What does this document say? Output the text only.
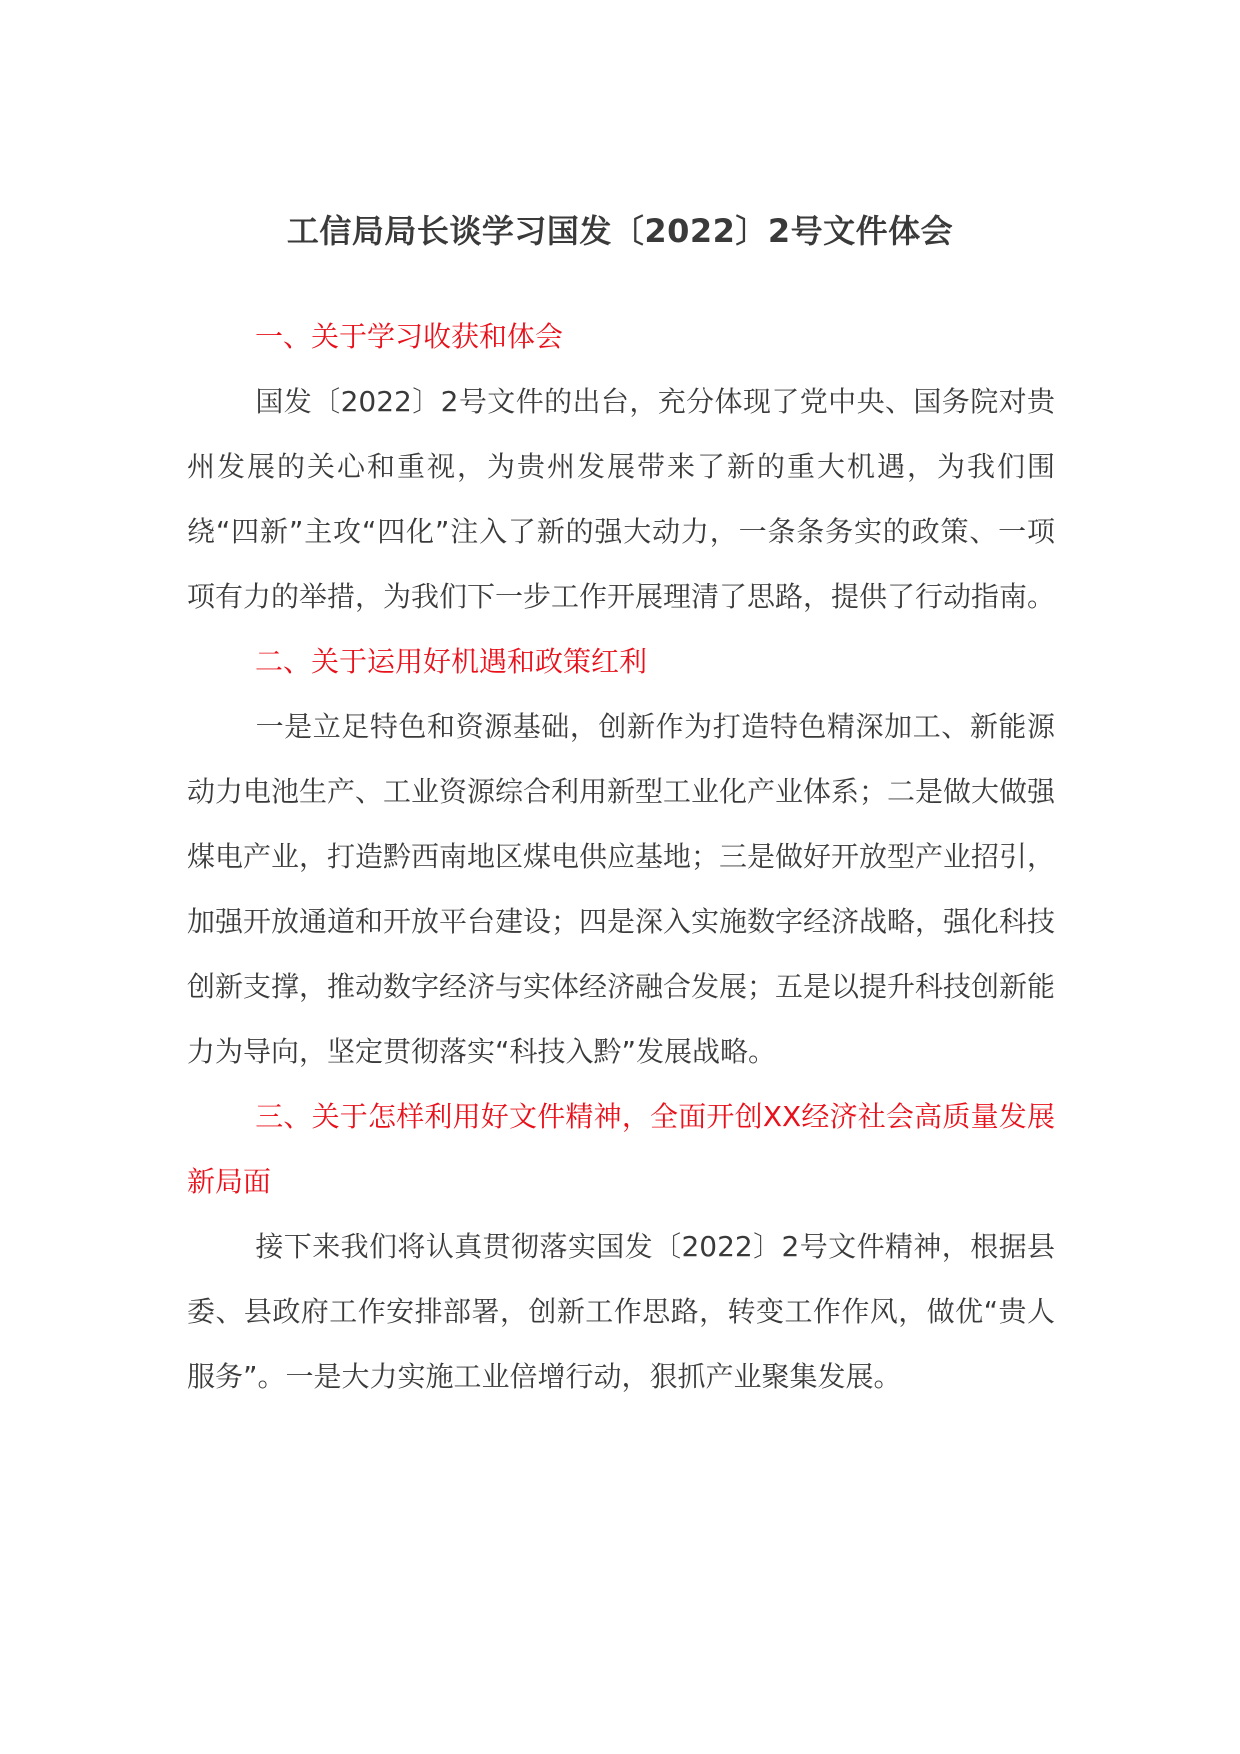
工信局局长谈学习国发〔2022〕2号文件体会

一、关于学习收获和体会

国发〔2022〕2号文件的出台，充分体现了党中央、国务院对贵州发展的关心和重视，为贵州发展带来了新的重大机遇，为我们围绕“四新”主攻“四化”注入了新的强大动力，一条条务实的政策、一项项有力的举措，为我们下一步工作开展理清了思路，提供了行动指南。

二、关于运用好机遇和政策红利

一是立足特色和资源基础，创新作为打造特色精深加工、新能源动力电池生产、工业资源综合利用新型工业化产业体系；二是做大做强煤电产业，打造黔西南地区煤电供应基地；三是做好开放型产业招引，加强开放通道和开放平台建设；四是深入实施数字经济战略，强化科技创新支撑，推动数字经济与实体经济融合发展；五是以提升科技创新能力为导向，坚定贯彻落实“科技入黔”发展战略。

三、关于怎样利用好文件精神，全面开创XX经济社会高质量发展新局面

接下来我们将认真贯彻落实国发〔2022〕2号文件精神，根据县委、县政府工作安排部署，创新工作思路，转变工作作风，做优“贵人服务”。一是大力实施工业倍增行动，狠抓产业聚集发展。
